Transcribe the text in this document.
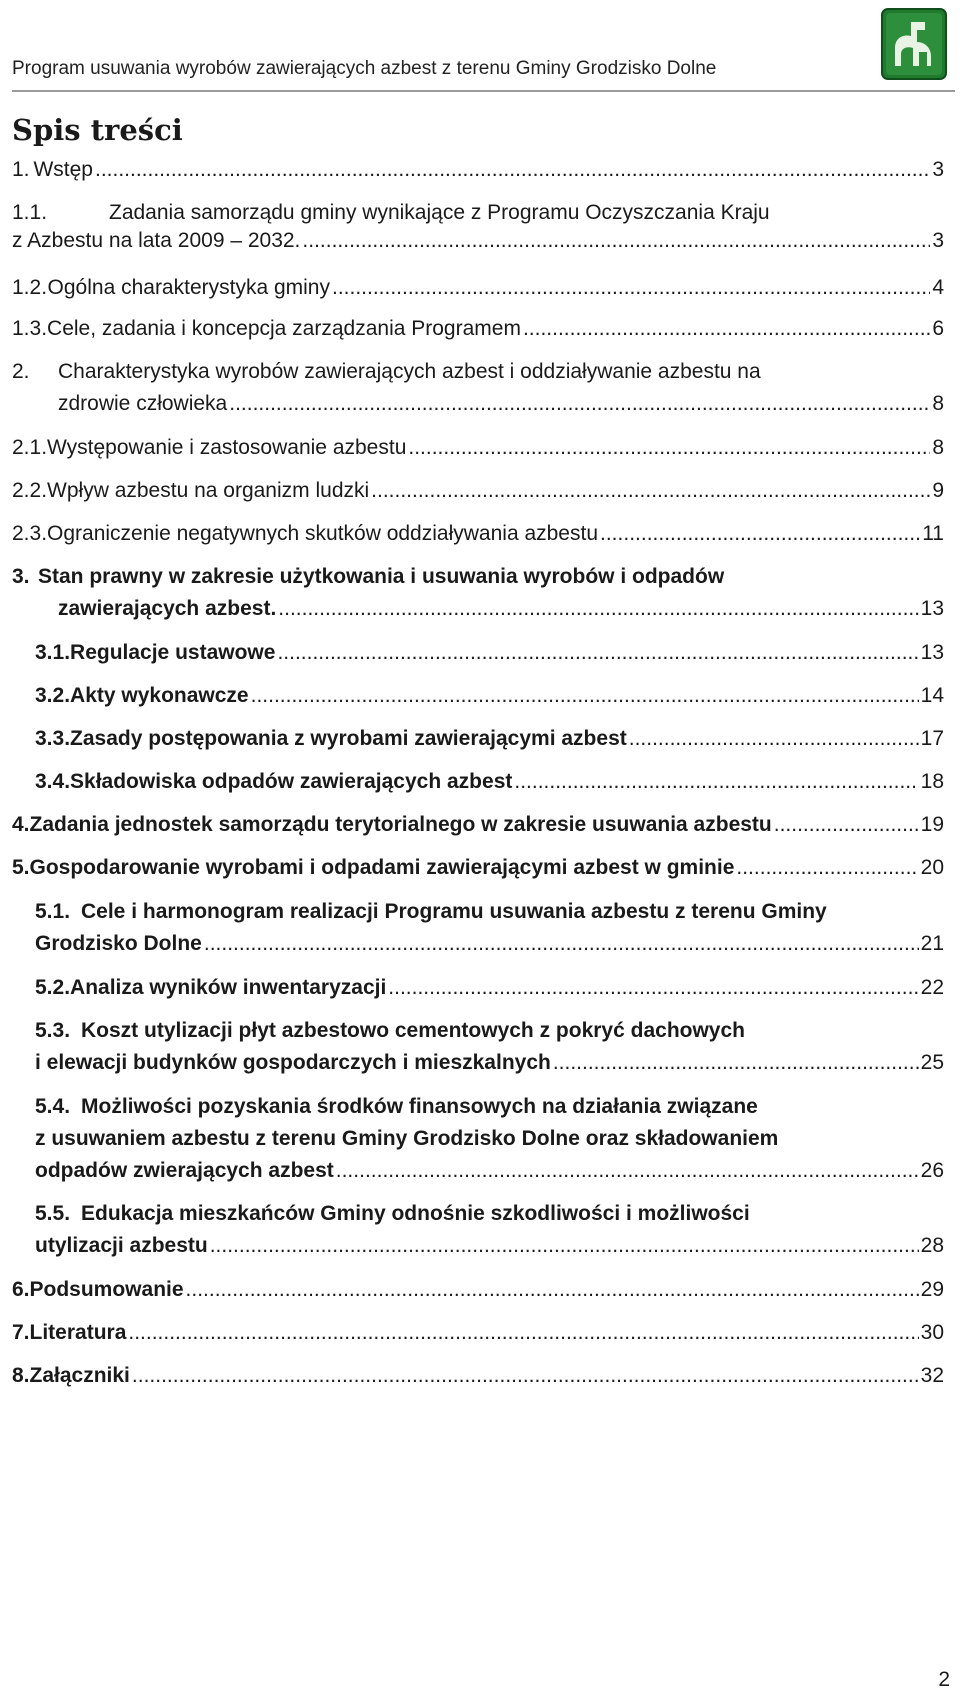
Program usuwania wyrobów zawierających azbest z terenu Gminy Grodzisko Dolne
Spis treści
1. Wstęp .....	3
1.1.	Zadania samorządu gminy wynikające z Programu Oczyszczania Kraju
z Azbestu na lata 2009 – 2032. .....	3
1.2. Ogólna charakterystyka gminy .....	4
1.3. Cele, zadania i koncepcja zarządzania Programem .....	6
2.	Charakterystyka wyrobów zawierających azbest i oddziaływanie azbestu na
zdrowie człowieka .....	8
2.1. Występowanie i zastosowanie azbestu .....	8
2.2. Wpływ azbestu na organizm ludzki .....	9
2.3. Ograniczenie negatywnych skutków oddziaływania azbestu .....	11
3. Stan prawny w zakresie użytkowania i usuwania wyrobów i odpadów
zawierających azbest. .....	13
3.1. Regulacje ustawowe .....	13
3.2. Akty wykonawcze .....	14
3.3. Zasady postępowania z wyrobami zawierającymi azbest .....	17
3.4. Składowiska odpadów zawierających azbest .....	18
4. Zadania jednostek samorządu terytorialnego w zakresie usuwania azbestu .....	19
5. Gospodarowanie wyrobami i odpadami zawierającymi azbest w gminie .....	20
5.1. Cele i harmonogram realizacji Programu usuwania azbestu z terenu Gminy
Grodzisko Dolne .....	21
5.2. Analiza wyników inwentaryzacji .....	22
5.3. Koszt utylizacji płyt azbestowo cementowych z pokryć dachowych
i elewacji budynków gospodarczych i mieszkalnych .....	25
5.4. Możliwości pozyskania środków finansowych na działania związane
z usuwaniem azbestu z terenu Gminy Grodzisko Dolne oraz składowaniem
odpadów zwierających azbest .....	26
5.5. Edukacja mieszkańców Gminy odnośnie szkodliwości i możliwości
utylizacji azbestu .....	28
6. Podsumowanie .....	29
7. Literatura .....	30
8. Załączniki .....	32
2
